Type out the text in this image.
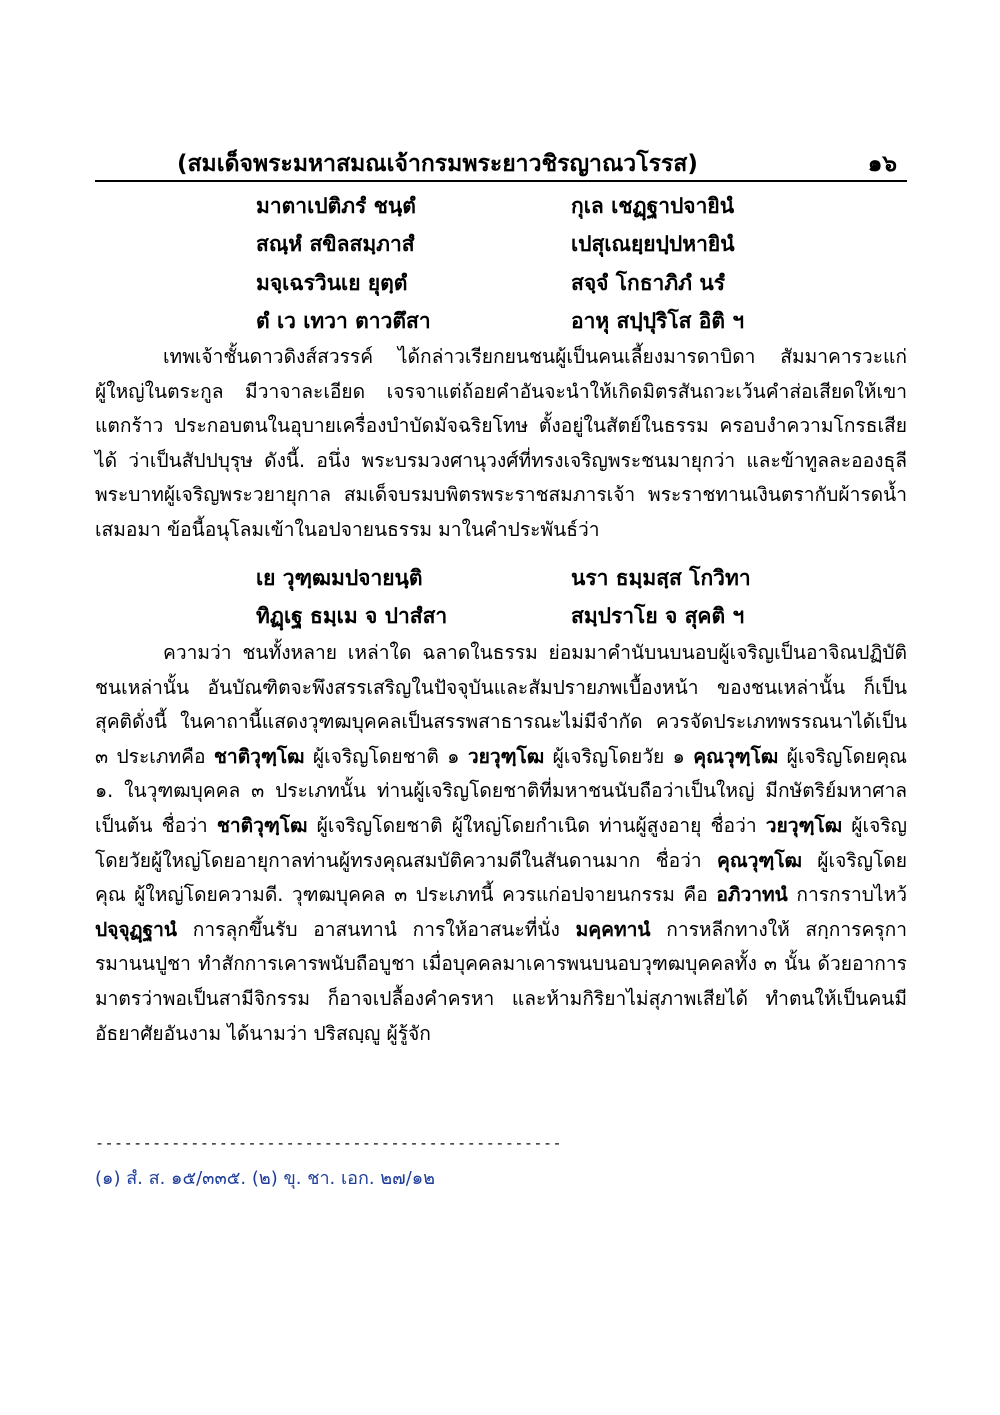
(สมเด็จพระมหาสมณเจ้ากรมพระยาวชิรญาณวโรรส)	๑๖
มาตาเปติภรํ ชนฺตํ	กุเล เชฏฺฐาปจายินํ
สณฺหํ สขิลสมฺภาสํ	เปสุเณยฺยปฺปหายินํ
มจฺเฉรวินเย ยุตฺตํ	สจฺจํ โกธาภิภํ นรํ
ตํ เว เทวา ตาวตึสา	อาหุ สปฺปุริโส อิติ ฯ

เทพเจ้าชั้นดาวดิงส์สวรรค์ ได้กล่าวเรียกยนชนผู้เป็นคนเลี้ยงมารดาบิดา สัมมาคารวะแก่ผู้ใหญ่ในตระกูล มีวาจาละเอียด เจรจาแต่ถ้อยคำอันจะนำให้เกิดมิตรสันถวะเว้นคำส่อเสียดให้เขาแตกร้าว ประกอบตนในอุบายเครื่องบำบัดมัจฉริยโทษ ตั้งอยู่ในสัตย์ในธรรม ครอบงำความโกรธเสียได้ ว่าเป็นสัปปบุรุษ ดังนี้. อนึ่ง พระบรมวงศานุวงศ์ที่ทรงเจริญพระชนมายุกว่า และข้าทูลละอองธุลีพระบาทผู้เจริญพระวยายุกาล สมเด็จบรมบพิตรพระราชสมภารเจ้า พระราชทานเงินตรากับผ้ารดน้ำเสมอมา ข้อนี้อนุโลมเข้าในอปจายนธรรม มาในคำประพันธ์ว่า

เย วุฑฺฒมปจายนฺติ	นรา ธมฺมสฺส โกวิทา
ทิฏฺเฐ ธมฺเม จ ปาสํสา	สมฺปราโย จ สุคติ ฯ

ความว่า ชนทั้งหลาย เหล่าใด ฉลาดในธรรม ย่อมมาคำนับนบนอบผู้เจริญเป็นอาจิณปฏิบัติ ชนเหล่านั้น อันบัณฑิตจะพึงสรรเสริญในปัจจุบันและสัมปรายภพเบื้องหน้า ของชนเหล่านั้น ก็เป็นสุคติดั่งนี้ ในคาถานี้แสดงวุฑฒบุคคลเป็นสรรพสาธารณะไม่มีจำกัด ควรจัดประเภทพรรณนาได้เป็น ๓ ประเภทคือ ชาติวุฑฺโฒ ผู้เจริญโดยชาติ ๑ วยวุฑฺโฒ ผู้เจริญโดยวัย ๑ คุณวุฑฺโฒ ผู้เจริญโดยคุณ ๑. ในวุฑฒบุคคล ๓ ประเภทนั้น ท่านผู้เจริญโดยชาติที่มหาชนนับถือว่าเป็นใหญ่ มีกษัตริย์มหาศาลเป็นต้น ชื่อว่า ชาติวุฑฺโฒ ผู้เจริญโดยชาติ ผู้ใหญ่โดยกำเนิด ท่านผู้สูงอายุ ชื่อว่า วยวุฑฺโฒ ผู้เจริญโดยวัยผู้ใหญ่โดยอายุกาลท่านผู้ทรงคุณสมบัติความดีในสันดานมาก ชื่อว่า คุณวุฑฺโฒ ผู้เจริญโดยคุณ ผู้ใหญ่โดยความดี. วุฑฒบุคคล ๓ ประเภทนี้ ควรแก่อปจายนกรรม คือ อภิวาทนํ การกราบไหว้ ปจฺจุฏฺฐานํ การลุกขึ้นรับ อาสนทานํ การให้อาสนะที่นั่ง มคฺคทานํ การหลีกทางให้ สกฺการครุการมานนปูชา ทำสักการเคารพนับถือบูชา เมื่อบุคคลมาเคารพนบนอบวุฑฒบุคคลทั้ง ๓ นั้น ด้วยอาการมาตรว่าพอเป็นสามีจิกรรม ก็อาจเปลื้องคำครหา และห้ามกิริยาไม่สุภาพเสียได้ ทำตนให้เป็นคนมีอัธยาศัยอันงาม ได้นามว่า ปริสญฺญู ผู้รู้จัก

-------------------------------------------------
(๑) สํ. ส. ๑๕/๓๓๕. (๒) ขุ. ชา. เอก. ๒๗/๑๒
